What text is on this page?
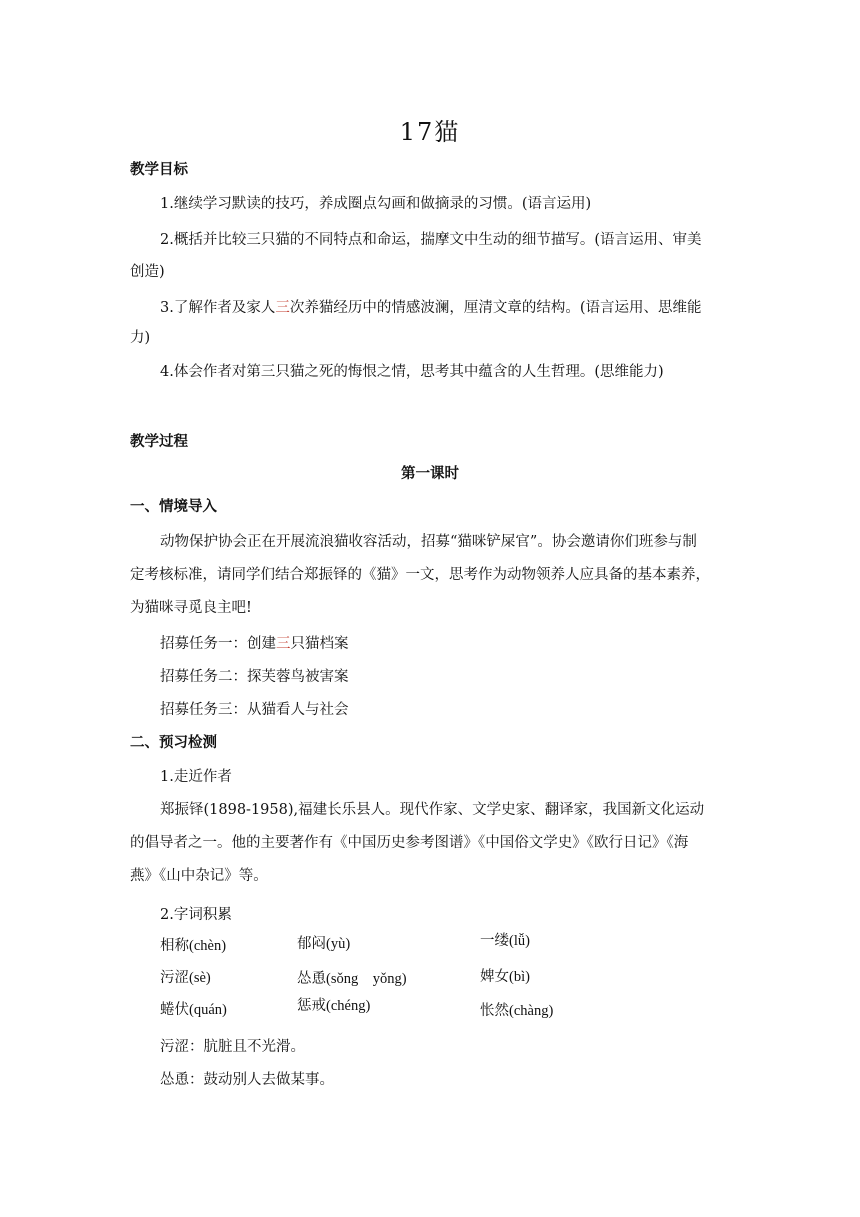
17猫
教学目标
1.继续学习默读的技巧，养成圈点勾画和做摘录的习惯。(语言运用)
2.概括并比较三只猫的不同特点和命运，揣摩文中生动的细节描写。(语言运用、审美
创造)
3.了解作者及家人三次养猫经历中的情感波澜，厘清文章的结构。(语言运用、思维能
力)
4.体会作者对第三只猫之死的悔恨之情，思考其中蕴含的人生哲理。(思维能力)
教学过程
第一课时
一、情境导入
动物保护协会正在开展流浪猫收容活动，招募“猫咪铲屎官”。协会邀请你们班参与制
定考核标准，请同学们结合郑振铎的《猫》一文，思考作为动物领养人应具备的基本素养，
为猫咪寻觅良主吧!
招募任务一：创建三只猫档案
招募任务二：探芙蓉鸟被害案
招募任务三：从猫看人与社会
二、预习检测
1.走近作者
郑振铎(1898-1958),福建长乐县人。现代作家、文学史家、翻译家，我国新文化运动
的倡导者之一。他的主要著作有《中国历史参考图谱》《中国俗文学史》《欧行日记》《海
燕》《山中杂记》等。
2.字词积累
相称(chèn)	郁闷(yù)	一缕(lǚ)
污涩(sè)	怂恿(sǒng　yǒng)	婢女(bì)
蜷伏(quán)	惩戒(chéng)	怅然(chàng)
污涩：肮脏且不光滑。
怂恿：鼓动别人去做某事。
